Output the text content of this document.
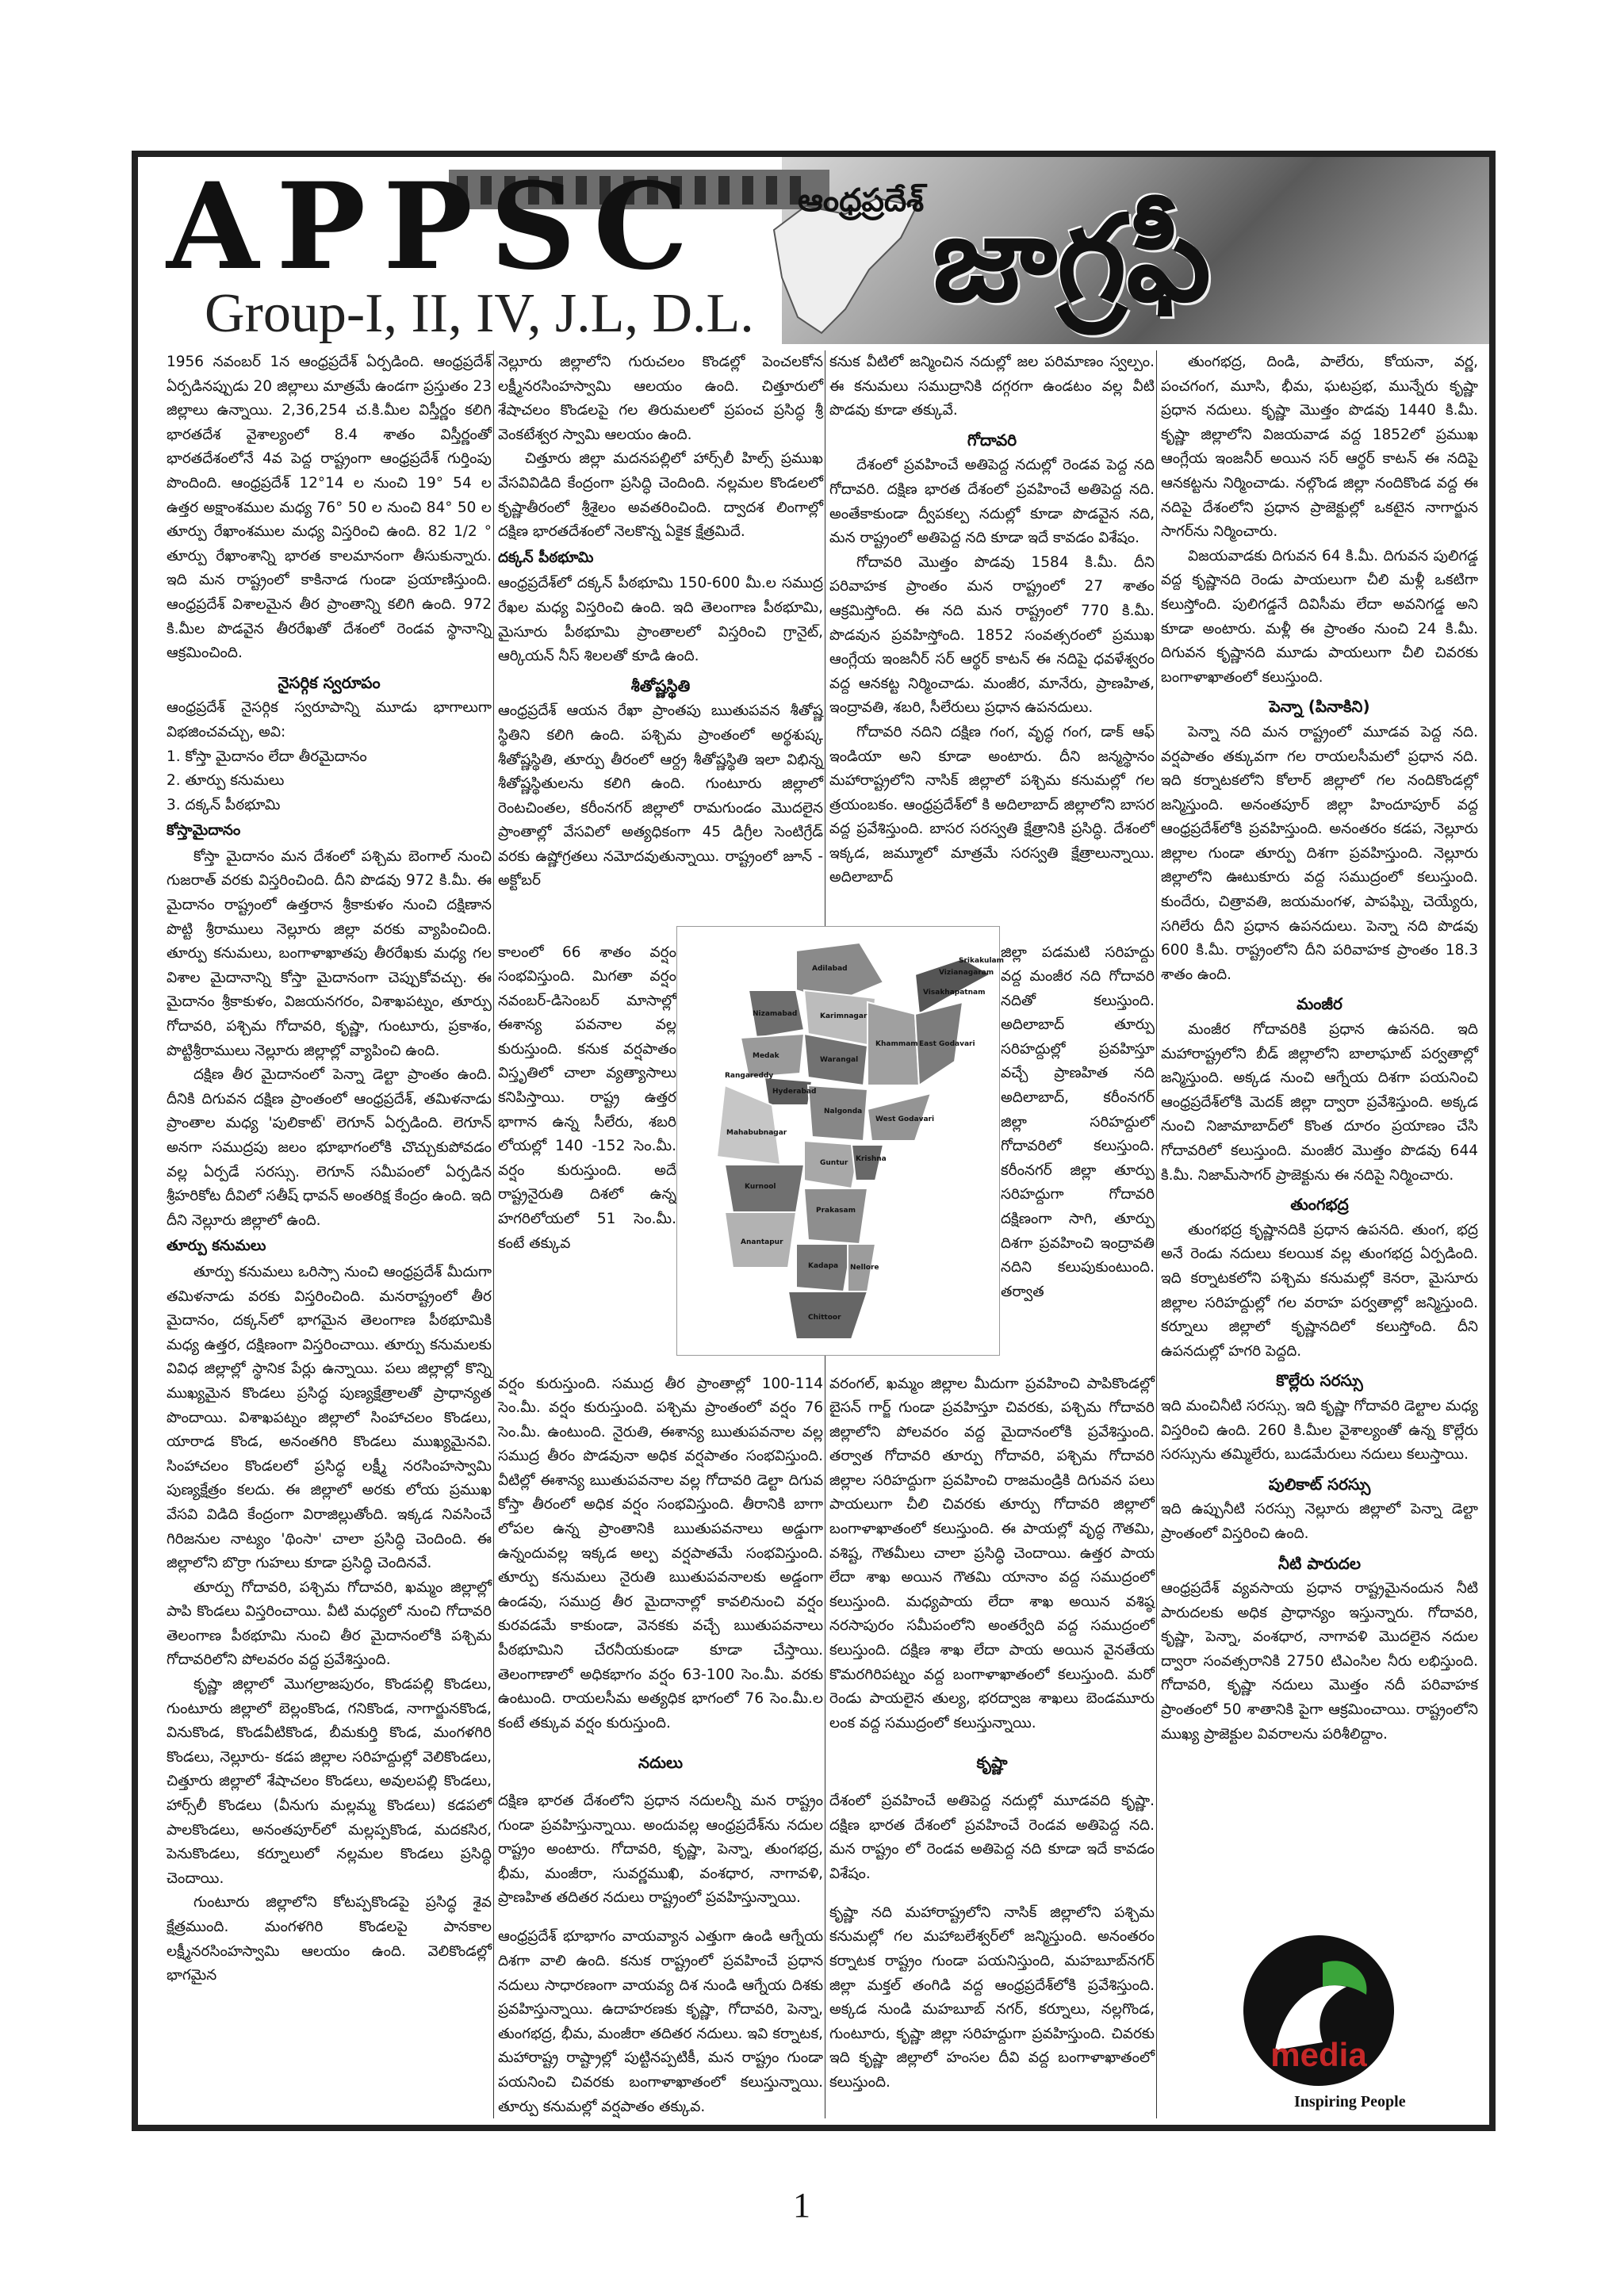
APPSC
Group-I, II, IV, J.L, D.L.
ఆంధ్రప్రదేశ్ జాగ్రఫీ

1956 నవంబర్ 1న ఆంధ్రప్రదేశ్ ఏర్పడింది. ఆంధ్రప్రదేశ్ ఏర్పడినప్పుడు 20 జిల్లాలు మాత్రమే ఉండగా ప్రస్తుతం 23 జిల్లాలు ఉన్నాయి. 2,36,254 చ.కి.మీల విస్తీర్ణం కలిగి భారతదేశ వైశాల్యంలో 8.4 శాతం విస్తీర్ణంతో భారతదేశంలోనే 4వ పెద్ద రాష్ట్రంగా ఆంధ్రప్రదేశ్ గుర్తింపు పొందింది. ఆంధ్రప్రదేశ్ 12°14 ల నుంచి 19° 54 ల ఉత్తర అక్షాంశముల మధ్య 76° 50 ల నుంచి 84° 50 ల తూర్పు రేఖాంశముల మధ్య విస్తరించి ఉంది. 82 1/2 ° తూర్పు రేఖాంశాన్ని భారత కాలమానంగా తీసుకున్నారు. ఇది మన రాష్ట్రంలో కాకినాడ గుండా ప్రయాణిస్తుంది. ఆంధ్రప్రదేశ్ విశాలమైన తీర ప్రాంతాన్ని కలిగి ఉంది. 972 కి.మీల పొడవైన తీరరేఖతో దేశంలో రెండవ స్థానాన్ని ఆక్రమించింది.

నైసర్గిక స్వరూపం

ఆంధ్రప్రదేశ్ నైసర్గిక స్వరూపాన్ని మూడు భాగాలుగా విభజించవచ్చు, అవి:

1. కోస్తా మైదానం లేదా తీరమైదానం

2. తూర్పు కనుమలు

3. దక్కన్ పీఠభూమి

కోస్తామైదానం

కోస్తా మైదానం మన దేశంలో పశ్చిమ బెంగాల్ నుంచి గుజరాత్ వరకు విస్తరించింది. దీని పొడవు 972 కి.మీ. ఈ మైదానం రాష్ట్రంలో ఉత్తరాన శ్రీకాకుళం నుంచి దక్షిణాన పొట్టి శ్రీరాములు నెల్లూరు జిల్లా వరకు వ్యాపించింది. తూర్పు కనుమలు, బంగాళాఖాతపు తీరరేఖకు మధ్య గల విశాల మైదానాన్ని కోస్తా మైదానంగా చెప్పుకోవచ్చు. ఈ మైదానం శ్రీకాకుళం, విజయనగరం, విశాఖపట్నం, తూర్పు గోదావరి, పశ్చిమ గోదావరి, కృష్ణా, గుంటూరు, ప్రకాశం, పొట్టిశ్రీరాములు నెల్లూరు జిల్లాల్లో వ్యాపించి ఉంది.

దక్షిణ తీర మైదానంలో పెన్నా డెల్టా ప్రాంతం ఉంది. దీనికి దిగువన దక్షిణ ప్రాంతంలో ఆంధ్రప్రదేశ్, తమిళనాడు ప్రాంతాల మధ్య 'పులికాట్' లెగూన్ ఏర్పడింది. లెగూన్ అనగా సముద్రపు జలం భూభాగంలోకి చొచ్చుకుపోవడం వల్ల ఏర్పడే సరస్సు. లెగూన్ సమీపంలో ఏర్పడిన శ్రీహరికోట దీవిలో సతీష్ ధావన్ అంతరిక్ష కేంద్రం ఉంది. ఇది దీని నెల్లూరు జిల్లాలో ఉంది.

తూర్పు కనుమలు

తూర్పు కనుమలు ఒరిస్సా నుంచి ఆంధ్రప్రదేశ్ మీదుగా తమిళనాడు వరకు విస్తరించింది. మనరాష్ట్రంలో తీర మైదానం, దక్కన్‌లో భాగమైన తెలంగాణ పీఠభూమికి మధ్య ఉత్తర, దక్షిణంగా విస్తరించాయి. తూర్పు కనుమలకు వివిధ జిల్లాల్లో స్థానిక పేర్లు ఉన్నాయి. పలు జిల్లాల్లో కొన్ని ముఖ్యమైన కొండలు ప్రసిద్ధ పుణ్యక్షేత్రాలతో ప్రాధాన్యత పొందాయి. విశాఖపట్నం జిల్లాలో సింహాచలం కొండలు, యారాడ కొండ, అనంతగిరి కొండలు ముఖ్యమైనవి. సింహాచలం కొండలలో ప్రసిద్ధ లక్ష్మీ నరసింహస్వామి పుణ్యక్షేత్రం కలదు. ఈ జిల్లాలో అరకు లోయ ప్రముఖ వేసవి విడిది కేంద్రంగా విరాజిల్లుతోంది. ఇక్కడ నివసించే గిరిజనుల నాట్యం 'థింసా' చాలా ప్రసిద్ధి చెందింది. ఈ జిల్లాలోని బొర్రా గుహలు కూడా ప్రసిద్ధి చెందినవే.

తూర్పు గోదావరి, పశ్చిమ గోదావరి, ఖమ్మం జిల్లాల్లో పాపి కొండలు విస్తరించాయి. వీటి మధ్యలో నుంచి గోదావరి తెలంగాణ పీఠభూమి నుంచి తీర మైదానంలోకి పశ్చిమ గోదావరిలోని పోలవరం వద్ద ప్రవేశిస్తుంది.

కృష్ణా జిల్లాలో మొగల్రాజపురం, కొండపల్లి కొండలు, గుంటూరు జిల్లాలో బెల్లంకొండ, గనికొండ, నాగార్జునకొండ, వినుకొండ, కొండవీటికొండ, బీమకుర్తి కొండ, మంగళగిరి కొండలు, నెల్లూరు- కడప జిల్లాల సరిహద్దుల్లో వెలికొండలు, చిత్తూరు జిల్లాలో శేషాచలం కొండలు, అవులపల్లి కొండలు, హార్స్‌లీ కొండలు (వీనుగు మల్లమ్మ కొండలు) కడపలో పాలకొండలు, అనంతపూర్‌లో మల్లప్పకొండ, మదకసిర, పెనుకొండలు, కర్నూలులో నల్లమల కొండలు ప్రసిద్ధి చెందాయి.

గుంటూరు జిల్లాలోని కోటప్పకొండపై ప్రసిద్ధ శైవ క్షేత్రముంది. మంగళగిరి కొండలపై పానకాల లక్ష్మీనరసింహస్వామి ఆలయం ఉంది. వెలికొండల్లో భాగమైన

నెల్లూరు జిల్లాలోని గురుచలం కొండల్లో పెంచలకోన లక్ష్మీనరసింహస్వామి ఆలయం ఉంది. చిత్తూరులో శేషాచలం కొండలపై గల తిరుమలలో ప్రపంచ ప్రసిద్ధ శ్రీ వెంకటేశ్వర స్వామి ఆలయం ఉంది.

చిత్తూరు జిల్లా మదనపల్లిలో హార్స్‌లీ హిల్స్ ప్రముఖ వేసవివిడిది కేంద్రంగా ప్రసిద్ధి చెందింది. నల్లమల కొండలలో కృష్ణాతీరంలో శ్రీశైలం అవతరించింది. ద్వాదశ లింగాల్లో దక్షిణ భారతదేశంలో నెలకొన్న ఏకైక క్షేత్రమిదే.

దక్కన్ పీఠభూమి

ఆంధ్రప్రదేశ్‌లో దక్కన్ పీఠభూమి 150-600 మీ.ల సముద్ర రేఖల మధ్య విస్తరించి ఉంది. ఇది తెలంగాణ పీఠభూమి, మైసూరు పీఠభూమి ప్రాంతాలలో విస్తరించి గ్రానైట్, ఆర్కియన్ నీస్ శిలలతో కూడి ఉంది.

శీతోష్ణస్థితి

ఆంధ్రప్రదేశ్ ఆయన రేఖా ప్రాంతపు ఋతుపవన శీతోష్ణ స్థితిని కలిగి ఉంది. పశ్చిమ ప్రాంతంలో అర్థశుష్క శీతోష్ణస్థితి, తూర్పు తీరంలో ఆర్ద్ర శీతోష్ణస్థితి ఇలా విభిన్న శీతోష్ణస్థితులను కలిగి ఉంది. గుంటూరు జిల్లాలో రెంటచింతల, కరీంనగర్ జిల్లాలో రామగుండం మొదలైన ప్రాంతాల్లో వేసవిలో అత్యధికంగా 45 డిగ్రీల సెంటిగ్రేడ్ వరకు ఉష్ణోగ్రతలు నమోదవుతున్నాయి. రాష్ట్రంలో జూన్ - అక్టోబర్

కాలంలో 66 శాతం వర్షం సంభవిస్తుంది. మిగతా వర్షం నవంబర్-డిసెంబర్ మాసాల్లో ఈశాన్య పవనాల వల్ల కురుస్తుంది. కనుక వర్షపాతం విస్తృతిలో చాలా వ్యత్యాసాలు కనిపిస్తాయి. రాష్ట్ర ఉత్తర భాగాన ఉన్న సీలేరు, శబరి లోయల్లో 140 -152 సెం.మీ. వర్షం కురుస్తుంది. అదే రాష్ట్రనైరుతి దిశలో ఉన్న హగరిలోయలో 51 సెం.మీ. కంటే తక్కువ

Adilabad
Nizamabad	Karimnagar
Medak	Warangal
Khammam
Hyderabad
Rangareddy
Nalgonda
Mahabubnagar
Kurnool
Guntur Krishna
West Godavari
East Godavari
Visakhapatnam
Vizianagaram
Srikakulam
Prakasam
Anantapur
Kadapa Nellore
Chittoor

వర్షం కురుస్తుంది. సముద్ర తీర ప్రాంతాల్లో 100-114 సెం.మీ. వర్షం కురుస్తుంది. పశ్చిమ ప్రాంతంలో వర్షం 76 సెం.మీ. ఉంటుంది. నైరుతి, ఈశాన్య ఋతుపవనాల వల్ల సముద్ర తీరం పొడవునా అధిక వర్షపాతం సంభవిస్తుంది. వీటిల్లో ఈశాన్య ఋతుపవనాల వల్ల గోదావరి డెల్టా దిగువ కోస్తా తీరంలో అధిక వర్షం సంభవిస్తుంది. తీరానికి బాగా లోపల ఉన్న ప్రాంతానికి ఋతుపవనాలు అడ్డుగా ఉన్నందువల్ల ఇక్కడ అల్ప వర్షపాతమే సంభవిస్తుంది. తూర్పు కనుమలు నైరుతి ఋతుపవనాలకు అడ్డంగా ఉండవు, సముద్ర తీర మైదానాల్లో కావలినుంచి వర్షం కురవడమే కాకుండా, వెనకకు వచ్చే ఋతుపవనాలు పీఠభూమిని చేరనీయకుండా కూడా చేస్తాయి. తెలంగాణాలో అధికభాగం వర్షం 63-100 సెం.మీ. వరకు ఉంటుంది. రాయలసీమ అత్యధిక భాగంలో 76 సెం.మీ.ల కంటే తక్కువ వర్షం కురుస్తుంది.

నదులు

దక్షిణ భారత దేశంలోని ప్రధాన నదులన్నీ మన రాష్ట్రం గుండా ప్రవహిస్తున్నాయి. అందువల్ల ఆంధ్రప్రదేశ్‌ను నదుల రాష్ట్రం అంటారు. గోదావరి, కృష్ణా, పెన్నా, తుంగభద్ర, భీమ, మంజీరా, సువర్ణముఖి, వంశధార, నాగావళి, ప్రాణహిత తదితర నదులు రాష్ట్రంలో ప్రవహిస్తున్నాయి.

ఆంధ్రప్రదేశ్ భూభాగం వాయవ్యాన ఎత్తుగా ఉండి ఆగ్నేయ దిశగా వాలి ఉంది. కనుక రాష్ట్రంలో ప్రవహించే ప్రధాన నదులు సాధారణంగా వాయవ్య దిశ నుండి ఆగ్నేయ దిశకు ప్రవహిస్తున్నాయి. ఉదాహరణకు కృష్ణా, గోదావరి, పెన్నా, తుంగభద్ర, భీమ, మంజీరా తదితర నదులు. ఇవి కర్నాటక, మహారాష్ట్ర రాష్ట్రాల్లో పుట్టినప్పటికీ, మన రాష్ట్రం గుండా పయనించి చివరకు బంగాళాఖాతంలో కలుస్తున్నాయి. తూర్పు కనుమల్లో వర్షపాతం తక్కువ.

కనుక వీటిలో జన్మించిన నదుల్లో జల పరిమాణం స్వల్పం. ఈ కనుమలు సముద్రానికి దగ్గరగా ఉండటం వల్ల వీటి పొడవు కూడా తక్కువే.

గోదావరి

దేశంలో ప్రవహించే అతిపెద్ద నదుల్లో రెండవ పెద్ద నది గోదావరి. దక్షిణ భారత దేశంలో ప్రవహించే అతిపెద్ద నది. అంతేకాకుండా ద్వీపకల్ప నదుల్లో కూడా పొడవైన నది, మన రాష్ట్రంలో అతిపెద్ద నది కూడా ఇదే కావడం విశేషం.

గోదావరి మొత్తం పొడవు 1584 కి.మీ. దీని పరివాహక ప్రాంతం మన రాష్ట్రంలో 27 శాతం ఆక్రమిస్తోంది. ఈ నది మన రాష్ట్రంలో 770 కి.మీ. పొడవున ప్రవహిస్తోంది. 1852 సంవత్సరంలో ప్రముఖ ఆంగ్లేయ ఇంజనీర్ సర్ ఆర్థర్ కాటన్ ఈ నదిపై ధవళేశ్వరం వద్ద ఆనకట్ట నిర్మించాడు. మంజీర, మానేరు, ప్రాణహిత, ఇంద్రావతి, శబరి, సీలేరులు ప్రధాన ఉపనదులు.

గోదావరి నదిని దక్షిణ గంగ, వృద్ధ గంగ, డాక్ ఆఫ్ ఇండియా అని కూడా అంటారు. దీని జన్మస్థానం మహారాష్ట్రలోని నాసిక్ జిల్లాలో పశ్చిమ కనుమల్లో గల త్రయంబకం. ఆంధ్రప్రదేశ్‌లో కి అదిలాబాద్ జిల్లాలోని బాసర వద్ద ప్రవేశిస్తుంది. బాసర సరస్వతి క్షేత్రానికి ప్రసిద్ధి. దేశంలో ఇక్కడ, జమ్మూలో మాత్రమే సరస్వతి క్షేత్రాలున్నాయి. అదిలాబాద్

జిల్లా పడమటి సరిహద్దు వద్ద మంజీర నది గోదావరి నదితో కలుస్తుంది. అదిలాబాద్ తూర్పు సరిహద్దుల్లో ప్రవహిస్తూ వచ్చే ప్రాణహిత నది అదిలాబాద్, కరీంనగర్ జిల్లా సరిహద్దులో గోదావరిలో కలుస్తుంది. కరీంనగర్ జిల్లా తూర్పు సరిహద్దుగా గోదావరి దక్షిణంగా సాగి, తూర్పు దిశగా ప్రవహించి ఇంద్రావతి నదిని కలుపుకుంటుంది. తర్వాత

వరంగల్, ఖమ్మం జిల్లాల మీదుగా ప్రవహించి పాపికొండల్లో బైసన్ గార్జ్ గుండా ప్రవహిస్తూ చివరకు, పశ్చిమ గోదావరి జిల్లాలోని పోలవరం వద్ద మైదానంలోకి ప్రవేశిస్తుంది. తర్వాత గోదావరి తూర్పు గోదావరి, పశ్చిమ గోదావరి జిల్లాల సరిహద్దుగా ప్రవహించి రాజమండ్రికి దిగువన పలు పాయలుగా చీలి చివరకు తూర్పు గోదావరి జిల్లాలో బంగాళాఖాతంలో కలుస్తుంది. ఈ పాయల్లో వృద్ధ గౌతమి, వశిష్ట, గౌతమీలు చాలా ప్రసిద్ధి చెందాయి. ఉత్తర పాయ లేదా శాఖ అయిన గౌతమి యానాం వద్ద సముద్రంలో కలుస్తుంది. మధ్యపాయ లేదా శాఖ అయిన వశిష్ఠ నరసాపురం సమీపంలోని అంతర్వేది వద్ద సముద్రంలో కలుస్తుంది. దక్షిణ శాఖ లేదా పాయ అయిన వైనతేయ కొమరగిరిపట్నం వద్ద బంగాళాఖాతంలో కలుస్తుంది. మరో రెండు పాయలైన తుల్య, భరద్వాజ శాఖలు బెండమూరు లంక వద్ద సముద్రంలో కలుస్తున్నాయి.

కృష్ణా

దేశంలో ప్రవహించే అతిపెద్ద నదుల్లో మూడవది కృష్ణా. దక్షిణ భారత దేశంలో ప్రవహించే రెండవ అతిపెద్ద నది. మన రాష్ట్రం లో రెండవ అతిపెద్ద నది కూడా ఇదే కావడం విశేషం.

కృష్ణా నది మహారాష్ట్రలోని నాసిక్ జిల్లాలోని పశ్చిమ కనుమల్లో గల మహాబలేశ్వర్‌లో జన్మిస్తుంది. అనంతరం కర్నాటక రాష్ట్రం గుండా పయనిస్తుంది, మహబూబ్‌నగర్ జిల్లా మక్తల్ తంగిడి వద్ద ఆంధ్రప్రదేశ్‌లోకి ప్రవేశిస్తుంది. అక్కడ నుండి మహబూబ్ నగర్, కర్నూలు, నల్లగొండ, గుంటూరు, కృష్ణా జిల్లా సరిహద్దుగా ప్రవహిస్తుంది. చివరకు ఇది కృష్ణా జిల్లాలో హంసల దీవి వద్ద బంగాళాఖాతంలో కలుస్తుంది.

తుంగభద్ర, దిండి, పాలేరు, కోయనా, వర్ణ, పంచగంగ, మూసి, భీమ, ఘటప్రభ, మున్నేరు కృష్ణా ప్రధాన నదులు. కృష్ణా మొత్తం పొడవు 1440 కి.మీ. కృష్ణా జిల్లాలోని విజయవాడ వద్ద 1852లో ప్రముఖ ఆంగ్లేయ ఇంజనీర్ అయిన సర్ ఆర్థర్ కాటన్ ఈ నదిపై ఆనకట్టను నిర్మించాడు. నల్గొండ జిల్లా నందికొండ వద్ద ఈ నదిపై దేశంలోని ప్రధాన ప్రాజెక్టుల్లో ఒకటైన నాగార్జున సాగర్‌ను నిర్మించారు.

విజయవాడకు దిగువన 64 కి.మీ. దిగువన పులిగడ్డ వద్ద కృష్ణానది రెండు పాయలుగా చీలి మళ్లీ ఒకటిగా కలుస్తోంది. పులిగడ్డనే దివిసీమ లేదా అవనిగడ్డ అని కూడా అంటారు. మళ్లీ ఈ ప్రాంతం నుంచి 24 కి.మీ. దిగువన కృష్ణానది మూడు పాయలుగా చీలి చివరకు బంగాళాఖాతంలో కలుస్తుంది.

పెన్నా (పినాకిని)

పెన్నా నది మన రాష్ట్రంలో మూడవ పెద్ద నది. వర్షపాతం తక్కువగా గల రాయలసీమలో ప్రధాన నది. ఇది కర్నాటకలోని కోలార్ జిల్లాలో గల నందికొండల్లో జన్మిస్తుంది. అనంతపూర్ జిల్లా హిందూపూర్ వద్ద ఆంధ్రప్రదేశ్‌లోకి ప్రవహిస్తుంది. అనంతరం కడప, నెల్లూరు జిల్లాల గుండా తూర్పు దిశగా ప్రవహిస్తుంది. నెల్లూరు జిల్లాలోని ఊటుకూరు వద్ద సముద్రంలో కలుస్తుంది. కుందేరు, చిత్రావతి, జయమంగళ, పాపఘ్ని, చెయ్యేరు, సగిలేరు దీని ప్రధాన ఉపనదులు. పెన్నా నది పొడవు 600 కి.మీ. రాష్ట్రంలోని దీని పరివాహక ప్రాంతం 18.3 శాతం ఉంది.

మంజీర

మంజీర గోదావరికి ప్రధాన ఉపనది. ఇది మహారాష్ట్రలోని బీడ్ జిల్లాలోని బాలాఘాట్ పర్వతాల్లో జన్మిస్తుంది. అక్కడ నుంచి ఆగ్నేయ దిశగా పయనించి ఆంధ్రప్రదేశ్‌లోకి మెదక్ జిల్లా ద్వారా ప్రవేశిస్తుంది. అక్కడ నుంచి నిజామాబాద్‌లో కొంత దూరం ప్రయాణం చేసి గోదావరిలో కలుస్తుంది. మంజీర మొత్తం పొడవు 644 కి.మీ. నిజామ్‌సాగర్ ప్రాజెక్టును ఈ నదిపై నిర్మించారు.

తుంగభద్ర

తుంగభద్ర కృష్ణానదికి ప్రధాన ఉపనది. తుంగ, భద్ర అనే రెండు నదులు కలయిక వల్ల తుంగభద్ర ఏర్పడింది. ఇది కర్నాటకలోని పశ్చిమ కనుమల్లో కెనరా, మైసూరు జిల్లాల సరిహద్దుల్లో గల వరాహ పర్వతాల్లో జన్మిస్తుంది. కర్నూలు జిల్లాలో కృష్ణానదిలో కలుస్తోంది. దీని ఉపనదుల్లో హగరి పెద్దది.

కొల్లేరు సరస్సు

ఇది మంచినీటి సరస్సు. ఇది కృష్ణా గోదావరి డెల్టాల మధ్య విస్తరించి ఉంది. 260 కి.మీల వైశాల్యంతో ఉన్న కొల్లేరు సరస్సును తమ్మిలేరు, బుడమేరులు నదులు కలుస్తాయి.

పులికాట్ సరస్సు

ఇది ఉప్పునీటి సరస్సు నెల్లూరు జిల్లాలో పెన్నా డెల్టా ప్రాంతంలో విస్తరించి ఉంది.

నీటి పారుదల

ఆంధ్రప్రదేశ్ వ్యవసాయ ప్రధాన రాష్ట్రమైనందున నీటి పారుదలకు అధిక ప్రాధాన్యం ఇస్తున్నారు. గోదావరి, కృష్ణా, పెన్నా, వంశధార, నాగావళి మొదలైన నదుల ద్వారా సంవత్సరానికి 2750 టిఎంసిల నీరు లభిస్తుంది. గోదావరి, కృష్ణా నదులు మొత్తం నదీ పరివాహక ప్రాంతంలో 50 శాతానికి పైగా ఆక్రమించాయి. రాష్ట్రంలోని ముఖ్య ప్రాజెక్టుల వివరాలను పరిశీలిద్దాం.

media
Inspiring People
1
